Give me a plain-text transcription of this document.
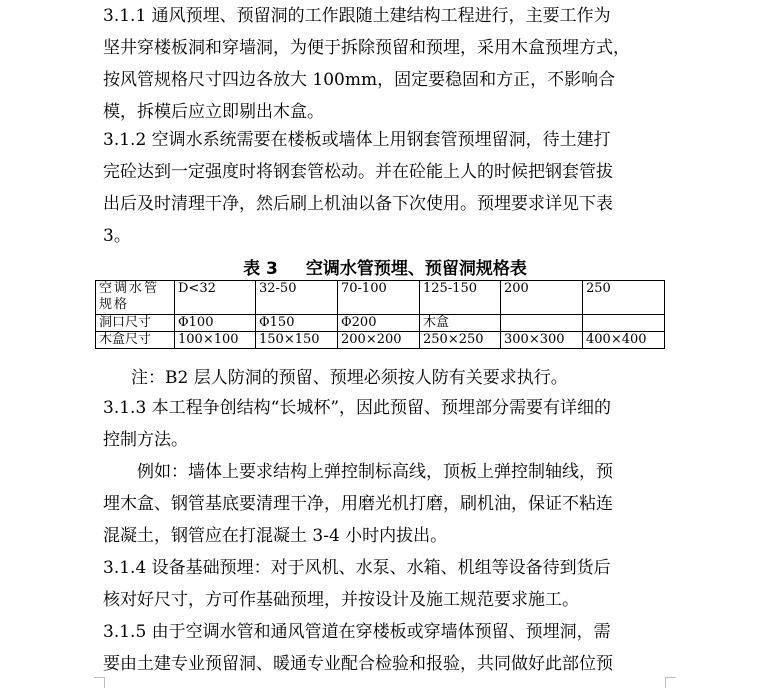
3.1.1 通风预埋、预留洞的工作跟随土建结构工程进行，主要工作为
坚井穿楼板洞和穿墙洞，为便于拆除预留和预埋，采用木盒预埋方式，
按风管规格尺寸四边各放大 100mm，固定要稳固和方正，不影响合
模，拆模后应立即剔出木盒。

3.1.2 空调水系统需要在楼板或墙体上用钢套管预埋留洞，待土建打
完砼达到一定强度时将钢套管松动。并在砼能上人的时候把钢套管拔
出后及时清理干净，然后刷上机油以备下次使用。预埋要求详见下表
3。

表 3 空调水管预埋、预留洞规格表
空调水管规格	D<32	32-50	70-100	125-150	200	250
洞口尺寸	Φ100	Φ150	Φ200	木盒		
木盒尺寸	100×100	150×150	200×200	250×250	300×300	400×400

注：B2 层人防洞的预留、预埋必须按人防有关要求执行。

3.1.3 本工程争创结构“长城杯”，因此预留、预埋部分需要有详细的
控制方法。

　　例如：墙体上要求结构上弹控制标高线，顶板上弹控制轴线，预
埋木盒、钢管基底要清理干净，用磨光机打磨，刷机油，保证不粘连
混凝土，钢管应在打混凝土 3-4 小时内拔出。

3.1.4 设备基础预埋：对于风机、水泵、水箱、机组等设备待到货后
核对好尺寸，方可作基础预埋，并按设计及施工规范要求施工。

3.1.5 由于空调水管和通风管道在穿楼板或穿墙体预留、预埋洞，需
要由土建专业预留洞、暖通专业配合检验和报验，共同做好此部位预
